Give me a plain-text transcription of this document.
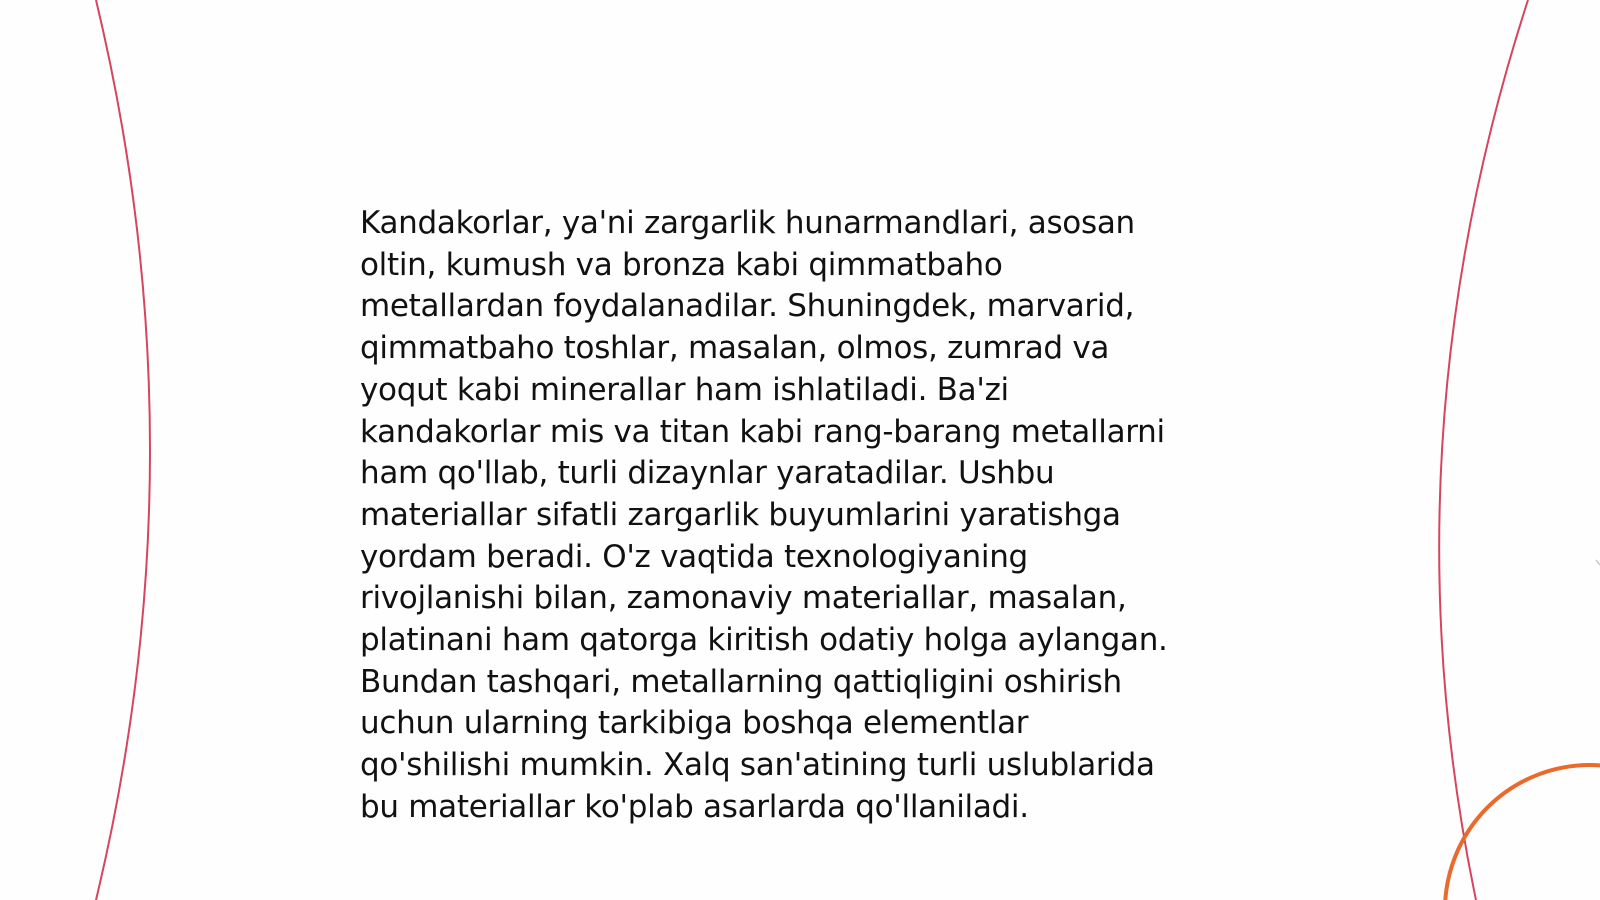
Kandakorlar, ya'ni zargarlik hunarmandlari, asosan
oltin, kumush va bronza kabi qimmatbaho
metallardan foydalanadilar. Shuningdek, marvarid,
qimmatbaho toshlar, masalan, olmos, zumrad va
yoqut kabi minerallar ham ishlatiladi. Ba'zi
kandakorlar mis va titan kabi rang-barang metallarni
ham qo'llab, turli dizaynlar yaratadilar. Ushbu
materiallar sifatli zargarlik buyumlarini yaratishga
yordam beradi. O'z vaqtida texnologiyaning
rivojlanishi bilan, zamonaviy materiallar, masalan,
platinani ham qatorga kiritish odatiy holga aylangan.
Bundan tashqari, metallarning qattiqligini oshirish
uchun ularning tarkibiga boshqa elementlar
qo'shilishi mumkin. Xalq san'atining turli uslublarida
bu materiallar ko'plab asarlarda qo'llaniladi.
